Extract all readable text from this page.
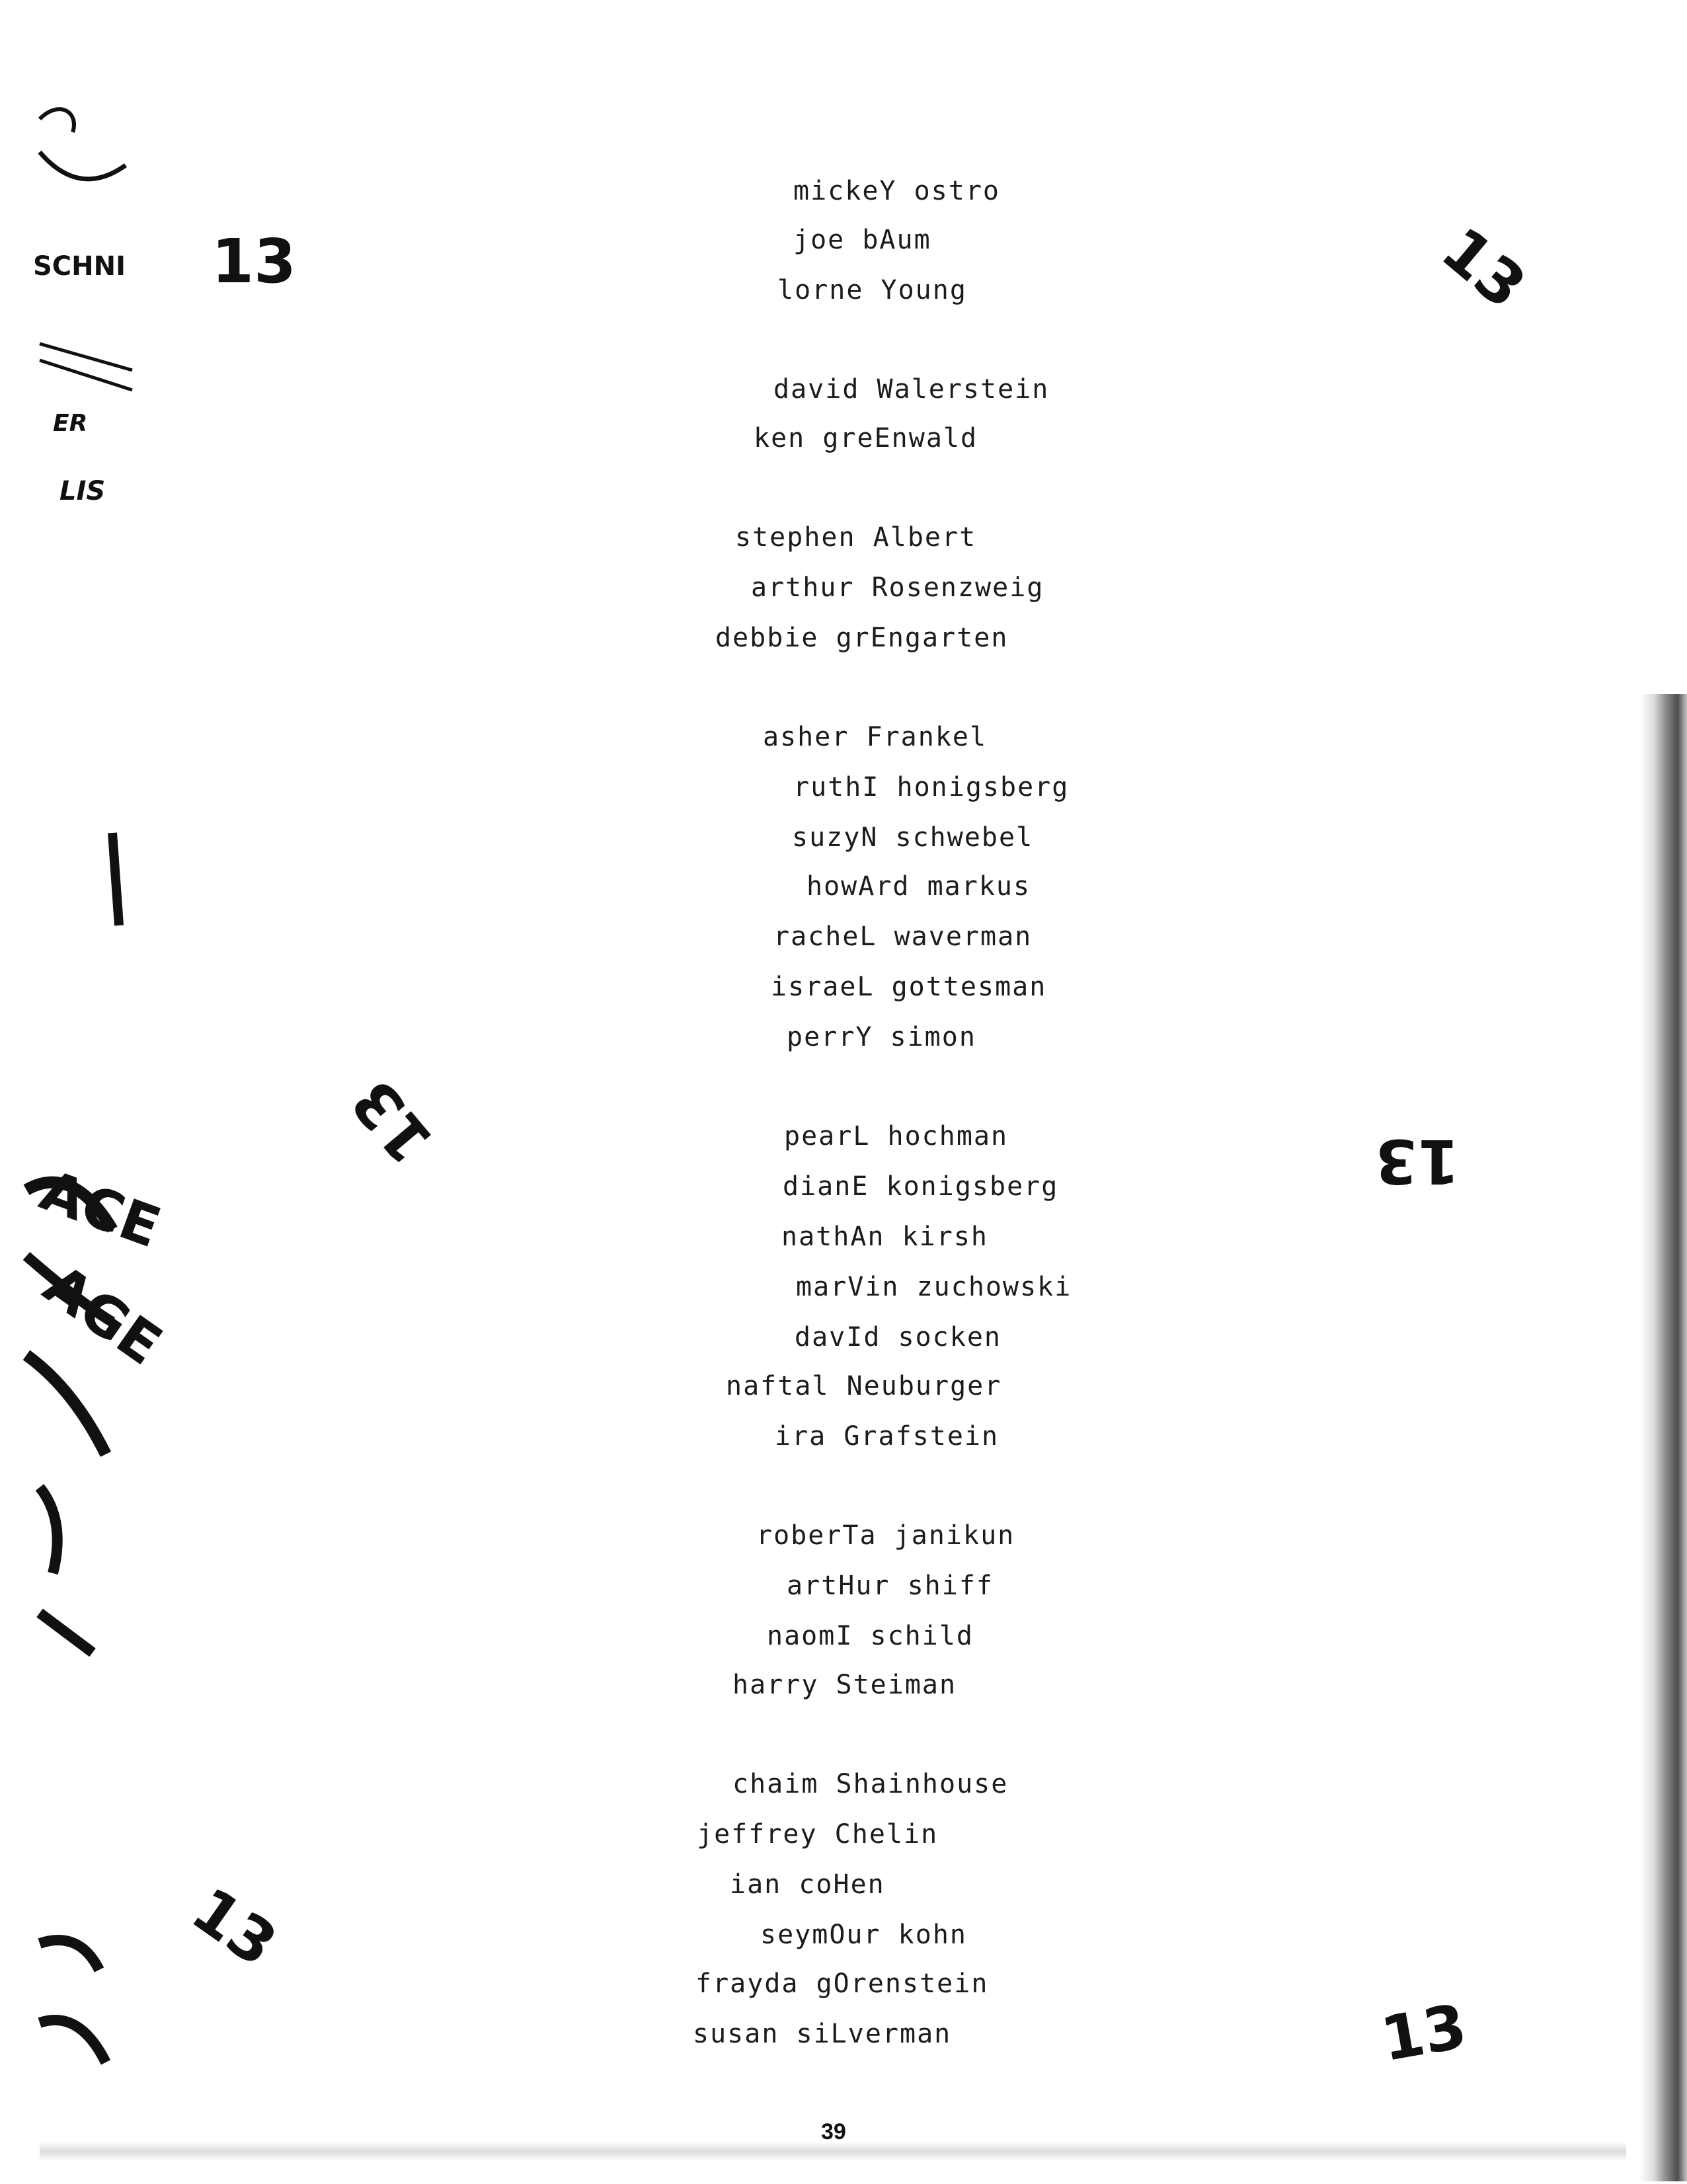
SCHNI
ER
LIS
ACE
AGE
13	13
13	13
13
13
mickeY ostro
joe bAum
lorne Young
david Walerstein
ken greEnwald
stephen Albert
arthur Rosenzweig
debbie grEngarten
asher Frankel
ruthI honigsberg
suzyN schwebel
howArd markus
racheL waverman
israeL gottesman
perrY simon
pearL hochman
dianE konigsberg
nathAn kirsh
marVin zuchowski
davId socken
naftal Neuburger
ira Grafstein
roberTa janikun
artHur shiff
naomI schild
harry Steiman
chaim Shainhouse
jeffrey Chelin
ian coHen
seymOur kohn
frayda gOrenstein
susan siLverman
39
